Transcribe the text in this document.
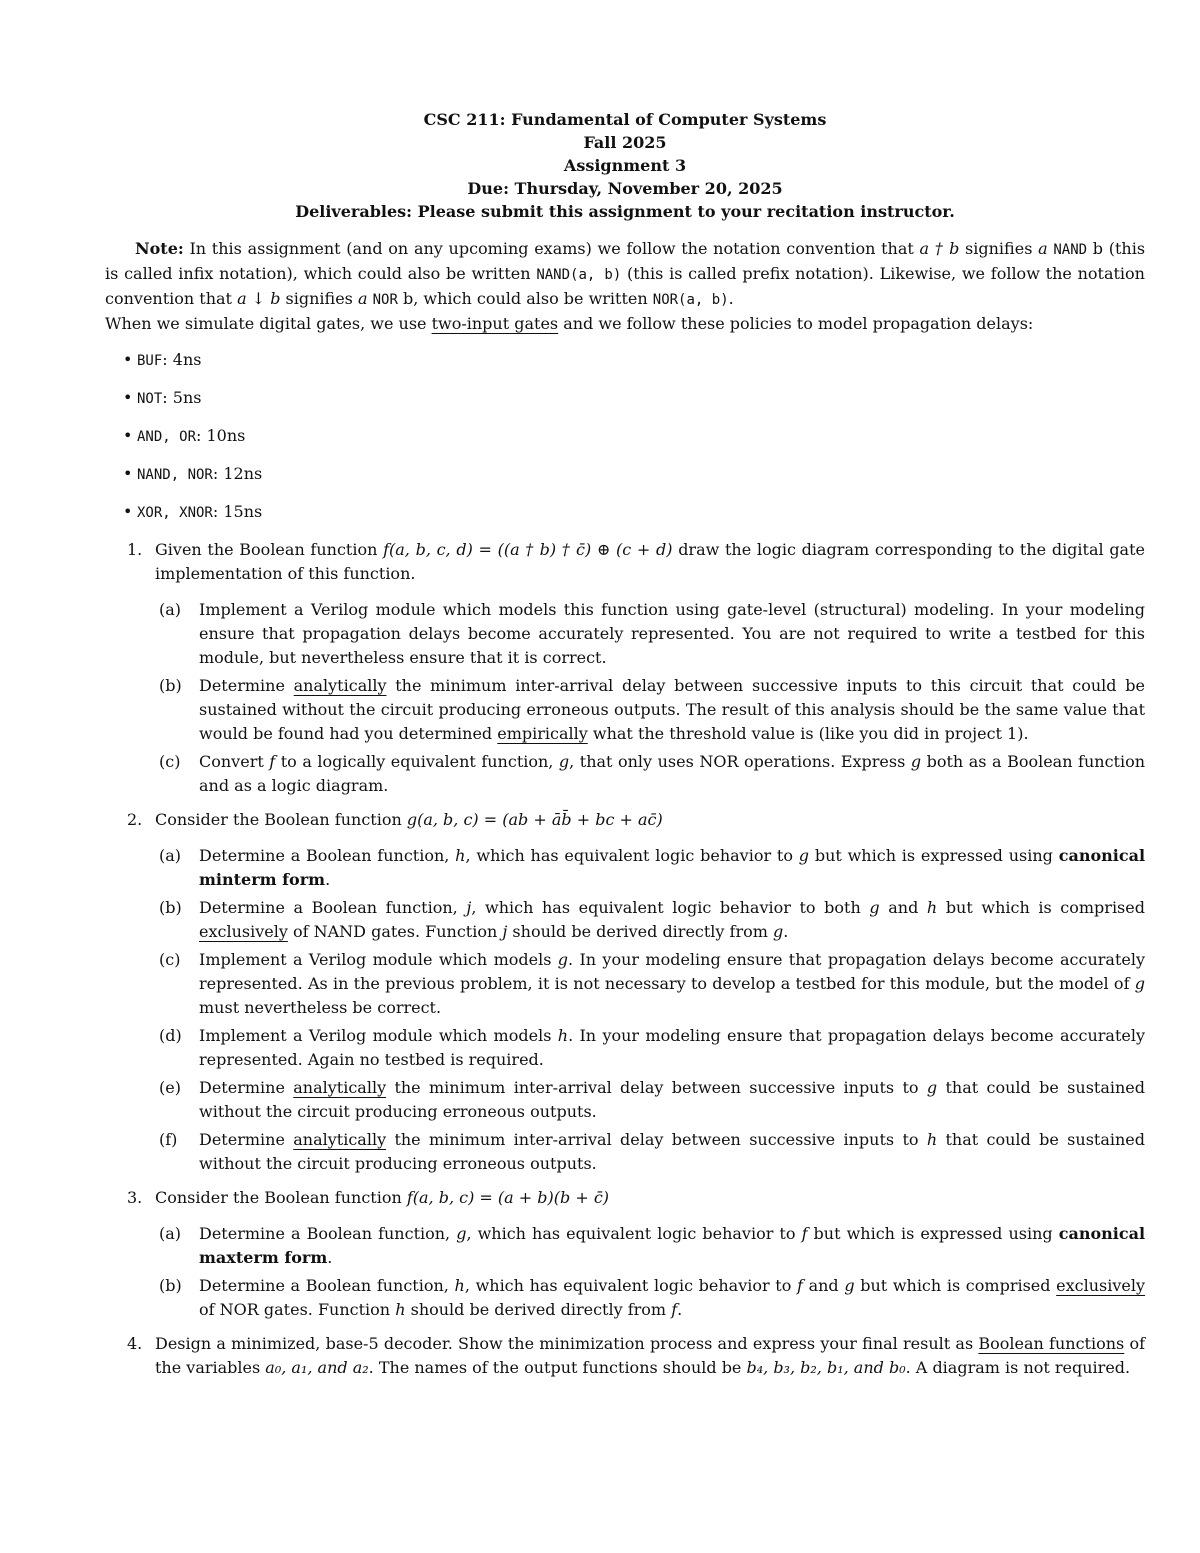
CSC 211: Fundamental of Computer Systems
Fall 2025
Assignment 3
Due: Thursday, November 20, 2025
Deliverables: Please submit this assignment to your recitation instructor.

Note: In this assignment (and on any upcoming exams) we follow the notation convention that a † b signifies a NAND b (this is called infix notation), which could also be written NAND(a, b) (this is called prefix notation). Likewise, we follow the notation convention that a ↓ b signifies a NOR b, which could also be written NOR(a, b).

When we simulate digital gates, we use two-input gates and we follow these policies to model propagation delays:

• BUF: 4ns
• NOT: 5ns
• AND, OR: 10ns
• NAND, NOR: 12ns
• XOR, XNOR: 15ns
1. Given the Boolean function f(a, b, c, d) = ((a † b) † c̄) ⊕ (c + d) draw the logic diagram corresponding to the digital gate implementation of this function.

(a) Implement a Verilog module which models this function using gate-level (structural) modeling. In your modeling ensure that propagation delays become accurately represented. You are not required to write a testbed for this module, but nevertheless ensure that it is correct.

(b) Determine analytically the minimum inter-arrival delay between successive inputs to this circuit that could be sustained without the circuit producing erroneous outputs. The result of this analysis should be the same value that would be found had you determined empirically what the threshold value is (like you did in project 1).

(c) Convert f to a logically equivalent function, g, that only uses NOR operations. Express g both as a Boolean function and as a logic diagram.

2. Consider the Boolean function g(a, b, c) = (ab + āb̄ + bc + ac̄)

(a) Determine a Boolean function, h, which has equivalent logic behavior to g but which is expressed using canonical minterm form.

(b) Determine a Boolean function, j, which has equivalent logic behavior to both g and h but which is comprised exclusively of NAND gates. Function j should be derived directly from g.

(c) Implement a Verilog module which models g. In your modeling ensure that propagation delays become accurately represented. As in the previous problem, it is not necessary to develop a testbed for this module, but the model of g must nevertheless be correct.

(d) Implement a Verilog module which models h. In your modeling ensure that propagation delays become accurately represented. Again no testbed is required.

(e) Determine analytically the minimum inter-arrival delay between successive inputs to g that could be sustained without the circuit producing erroneous outputs.

(f) Determine analytically the minimum inter-arrival delay between successive inputs to h that could be sustained without the circuit producing erroneous outputs.

3. Consider the Boolean function f(a, b, c) = (a + b)(b + c̄)

(a) Determine a Boolean function, g, which has equivalent logic behavior to f but which is expressed using canonical maxterm form.

(b) Determine a Boolean function, h, which has equivalent logic behavior to f and g but which is comprised exclusively of NOR gates. Function h should be derived directly from f.

4. Design a minimized, base-5 decoder. Show the minimization process and express your final result as Boolean functions of the variables a₀, a₁, and a₂. The names of the output functions should be b₄, b₃, b₂, b₁, and b₀. A diagram is not required.
